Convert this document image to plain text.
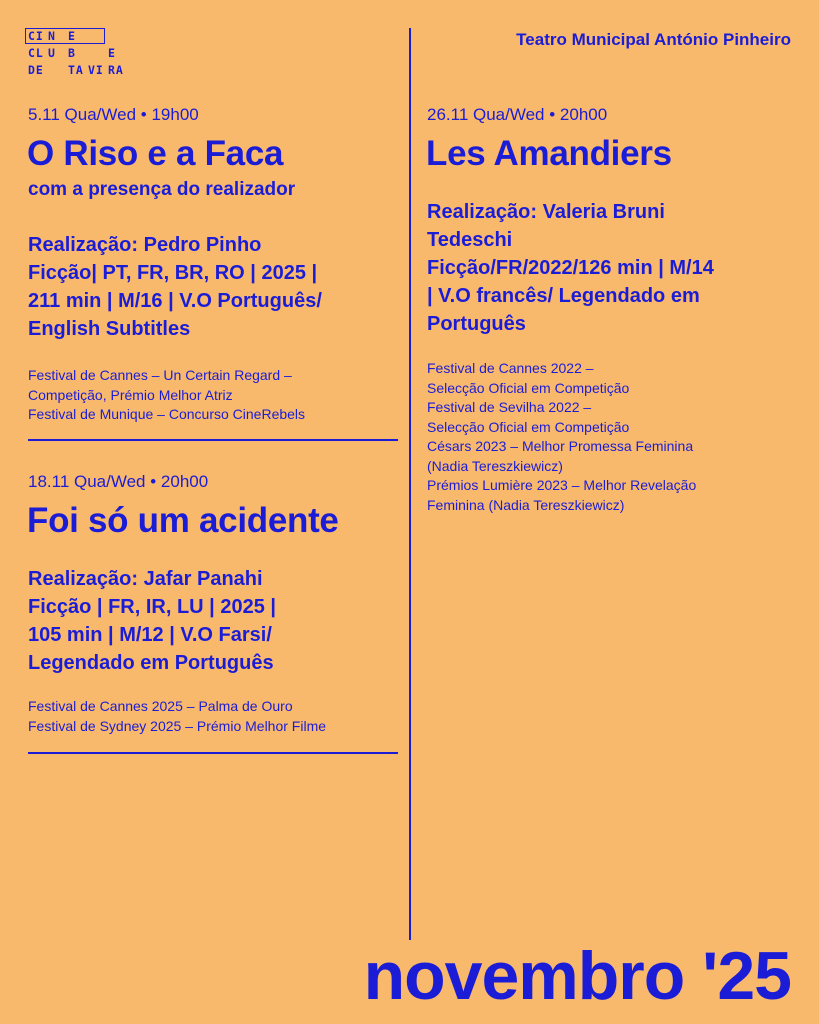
CI N	E
CL U	B	E
DE	TA VI RA
Teatro Municipal António Pinheiro
5.11 Qua/Wed • 19h00
O Riso e a Faca
com a presença do realizador
Realização: Pedro Pinho
Ficção| PT, FR, BR, RO | 2025 |
211 min | M/16 | V.O Português/
English Subtitles
Festival de Cannes – Un Certain Regard –
Competição, Prémio Melhor Atriz
Festival de Munique – Concurso CineRebels
18.11 Qua/Wed • 20h00
Foi só um acidente
Realização: Jafar Panahi
Ficção | FR, IR, LU | 2025 |
105 min | M/12 | V.O Farsi/
Legendado em Português
Festival de Cannes 2025 – Palma de Ouro
Festival de Sydney 2025 – Prémio Melhor Filme
26.11 Qua/Wed • 20h00
Les Amandiers
Realização: Valeria Bruni
Tedeschi
Ficção/FR/2022/126 min | M/14
| V.O francês/ Legendado em
Português
Festival de Cannes 2022 –
Selecção Oficial em Competição
Festival de Sevilha 2022 –
Selecção Oficial em Competição
Césars 2023 – Melhor Promessa Feminina
(Nadia Tereszkiewicz)
Prémios Lumière 2023 – Melhor Revelação
Feminina (Nadia Tereszkiewicz)
novembro '25
